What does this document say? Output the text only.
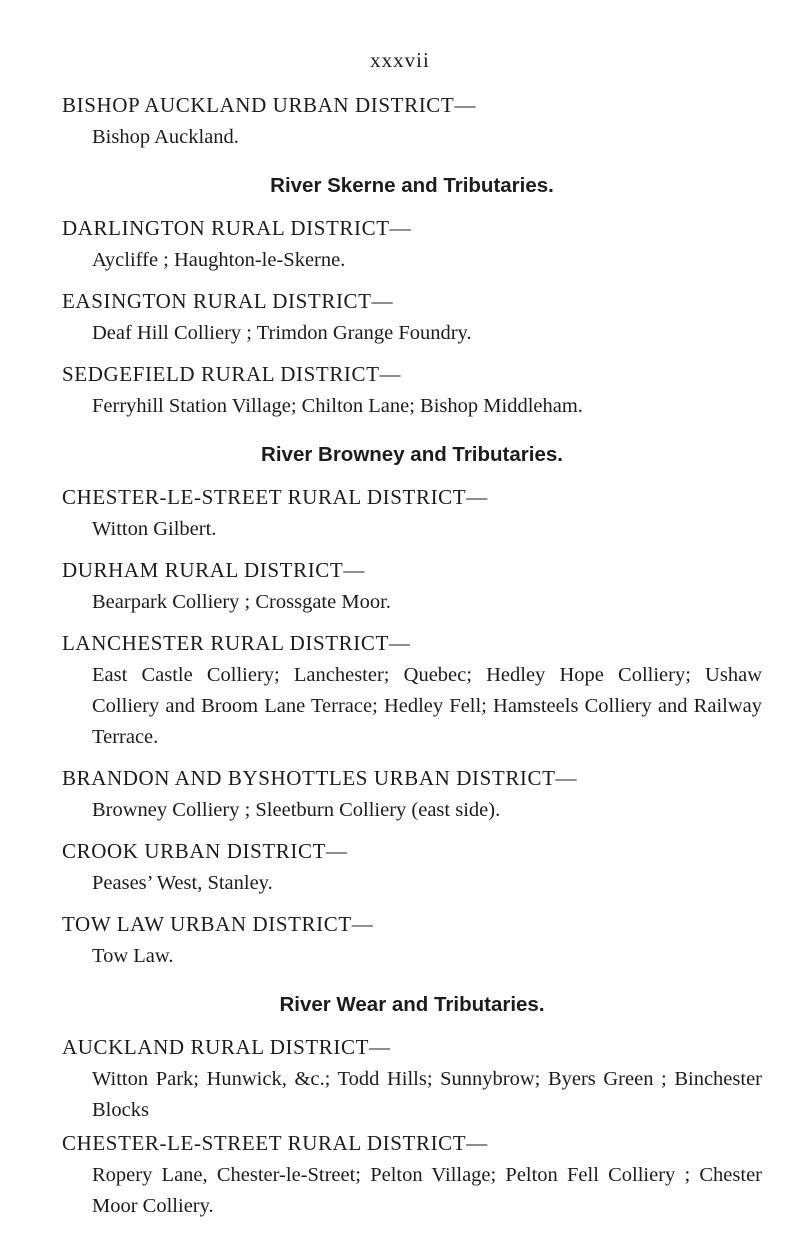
xxxvii
BISHOP AUCKLAND URBAN DISTRICT—
Bishop Auckland.
River Skerne and Tributaries.
DARLINGTON RURAL DISTRICT—
Aycliffe ; Haughton-le-Skerne.
EASINGTON RURAL DISTRICT—
Deaf Hill Colliery ; Trimdon Grange Foundry.
SEDGEFIELD RURAL DISTRICT—
Ferryhill Station Village; Chilton Lane; Bishop Middleham.
River Browney and Tributaries.
CHESTER-LE-STREET RURAL DISTRICT—
Witton Gilbert.
DURHAM RURAL DISTRICT—
Bearpark Colliery ; Crossgate Moor.
LANCHESTER RURAL DISTRICT—
East Castle Colliery; Lanchester; Quebec; Hedley Hope Colliery; Ushaw Colliery and Broom Lane Terrace; Hedley Fell; Hamsteels Colliery and Railway Terrace.
BRANDON AND BYSHOTTLES URBAN DISTRICT—
Browney Colliery ; Sleetburn Colliery (east side).
CROOK URBAN DISTRICT—
Peases’ West, Stanley.
TOW LAW URBAN DISTRICT—
Tow Law.
River Wear and Tributaries.
AUCKLAND RURAL DISTRICT—
Witton Park; Hunwick, &c.; Todd Hills; Sunnybrow; Byers Green ; Binchester Blocks
CHESTER-LE-STREET RURAL DISTRICT—
Ropery Lane, Chester-le-Street; Pelton Village; Pelton Fell Colliery ; Chester Moor Colliery.
